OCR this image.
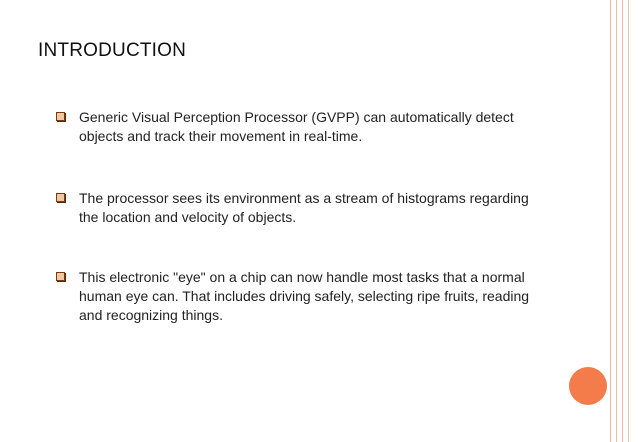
INTRODUCTION
Generic Visual Perception Processor (GVPP) can automatically detect objects and track their movement in real-time.
The processor sees its environment as a stream of histograms regarding the location and velocity of objects.
This electronic "eye" on a chip can now handle most tasks that a normal human eye can. That includes driving safely, selecting ripe fruits, reading and recognizing things.
